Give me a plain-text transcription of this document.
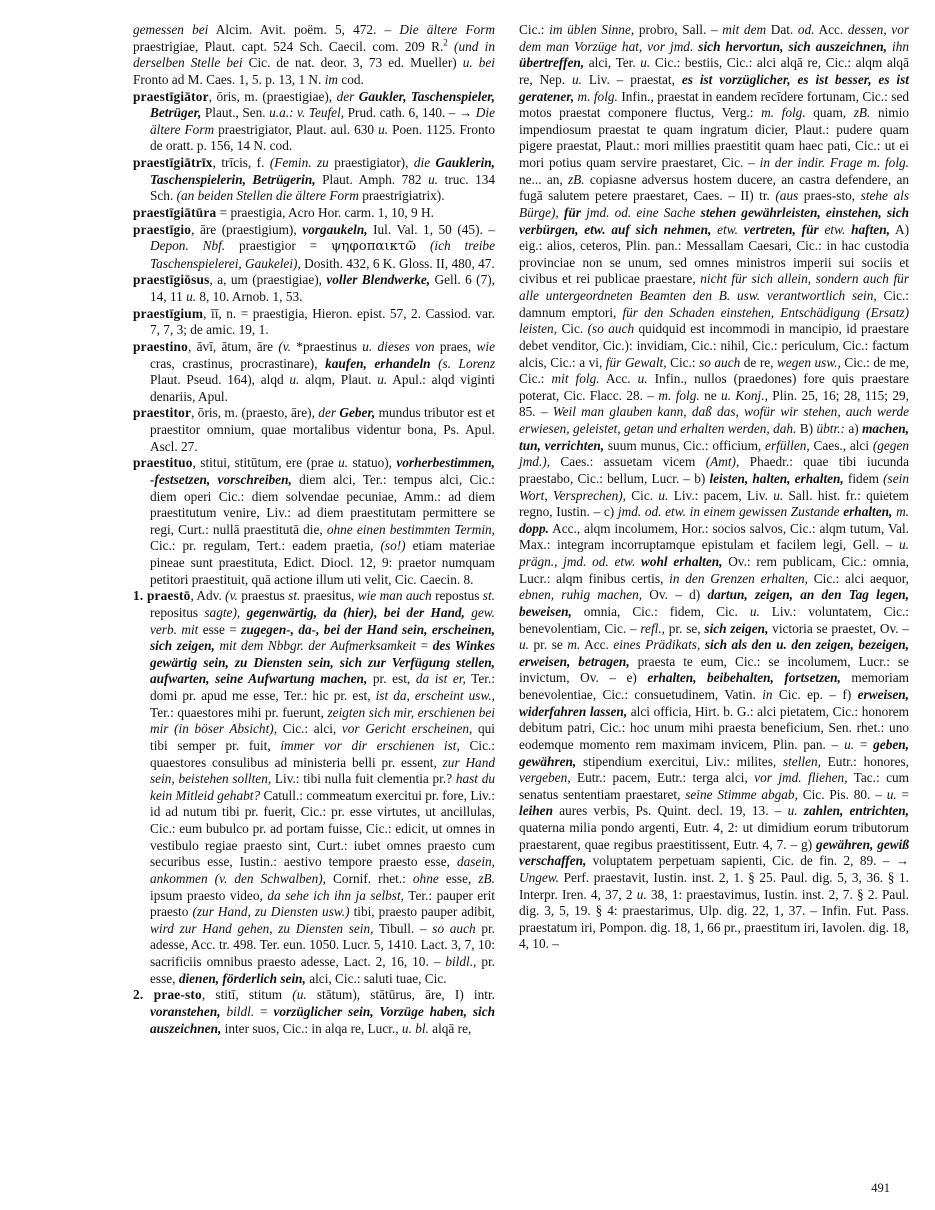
gemessen bei Alcim. Avit. poëm. 5, 472. – Die ältere Form praestrigiae, Plaut. capt. 524 Sch. Caecil. com. 209 R.$^2$ (und in derselben Stelle bei Cic. de nat. deor. 3, 73 ed. Mueller) u. bei Fronto ad M. Caes. 1, 5. p. 13, 1 N. im cod.

praestīgiātor, ōris, m. (praestigiae), der Gaukler, Taschenspieler, Betrüger, Plaut., Sen. u.a.: v. Teufel, Prud. cath. 6, 140. – → Die ältere Form praestrigiator, Plaut. aul. 630 u. Poen. 1125. Fronto de oratt. p. 156, 14 N. cod.

praestīgiātrīx, trīcis, f. (Femin. zu praestigiator), die Gauklerin, Taschenspielerin, Betrügerin, Plaut. Amph. 782 u. truc. 134 Sch. (an beiden Stellen die ältere Form praestrigiatrix).

praestīgiātūra = praestigia, Acro Hor. carm. 1, 10, 9 H.

praestīgio, āre (praestigium), vorgaukeln, Iul. Val. 1, 50 (45). – Depon. Nbf. praestigior = ψηφοπαικτῶ (ich treibe Taschenspielerei, Gaukelei), Dosith. 432, 6 K. Gloss. II, 480, 47.

praestīgiōsus, a, um (praestigiae), voller Blendwerke, Gell. 6 (7), 14, 11 u. 8, 10. Arnob. 1, 53.

praestīgium, īī, n. = praestigia, Hieron. epist. 57, 2. Cassiod. var. 7, 7, 3; de amic. 19, 1.

praestino, āvī, ātum, āre (v. *praestinus u. dieses von praes, wie cras, crastinus, procrastinare), kaufen, erhandeln (s. Lorenz Plaut. Pseud. 164), alqd u. alqm, Plaut. u. Apul.: alqd viginti denariis, Apul.

praestitor, ōris, m. (praesto, āre), der Geber, mundus tributor est et praestitor omnium, quae mortalibus videntur bona, Ps. Apul. Ascl. 27.

praestituo, stitui, stitūtum, ere (prae u. statuo), vorherbestimmen, -festsetzen, vorschreiben, diem alci, Ter.: tempus alci, Cic.: diem operi Cic.: diem solvendae pecuniae, Amm.: ad diem praestitutum venire, Liv.: ad diem praestitutam permittere se regi, Curt.: nullā praestitutā die, ohne einen bestimmten Termin, Cic.: pr. regulam, Tert.: eadem praetia, (so!) etiam materiae pineae sunt praestituta, Edict. Diocl. 12, 9: praetor numquam petitori praestituit, quā actione illum uti velit, Cic. Caecin. 8.

1. praestō, Adv. (v. praestus st. praesitus, wie man auch repostus st. repositus sagte), gegenwärtig, da (hier), bei der Hand, gew. verb. mit esse = zugegen-, da-, bei der Hand sein, erscheinen, sich zeigen, mit dem Nbbgr. der Aufmerksamkeit = des Winkes gewärtig sein, zu Diensten sein, sich zur Verfügung stellen, aufwarten, seine Aufwartung machen, pr. est, da ist er, Ter.: domi pr. apud me esse, Ter.: hic pr. est, ist da, erscheint usw., Ter.: quaestores mihi pr. fuerunt, zeigten sich mir, erschienen bei mir (in böser Absicht), Cic.: alci, vor Gericht erscheinen, qui tibi semper pr. fuit, immer vor dir erschienen ist, Cic.: quaestores consulibus ad ministeria belli pr. essent, zur Hand sein, beistehen sollten, Liv.: tibi nulla fuit clementia pr.? hast du kein Mitleid gehabt? Catull.: commeatum exercitui pr. fore, Liv.: id ad nutum tibi pr. fuerit, Cic.: pr. esse virtutes, ut ancillulas, Cic.: eum bubulco pr. ad portam fuisse, Cic.: edicit, ut omnes in vestibulo regiae praesto sint, Curt.: iubet omnes praesto cum securibus esse, Iustin.: aestivo tempore praesto esse, dasein, ankommen (v. den Schwalben), Cornif. rhet.: ohne esse, zB. ipsum praesto video, da sehe ich ihn ja selbst, Ter.: pauper erit praesto (zur Hand, zu Diensten usw.) tibi, praesto pauper adibit, wird zur Hand gehen, zu Diensten sein, Tibull. – so auch pr. adesse, Acc. tr. 498. Ter. eun. 1050. Lucr. 5, 1410. Lact. 3, 7, 10: sacrificiis omnibus praesto adesse, Lact. 2, 16, 10. – bildl., pr. esse, dienen, förderlich sein, alci, Cic.: saluti tuae, Cic.

2. prae-sto, stitī, stitum (u. stātum), stātūrus, āre, I) intr. voranstehen, bildl. = vorzüglicher sein, Vorzüge haben, sich auszeichnen, inter suos, Cic.: in alqa re, Lucr., u. bl. alqā re,

Cic.: im üblen Sinne, probro, Sall. – mit dem Dat. od. Acc. dessen, vor dem man Vorzüge hat, vor jmd. sich hervortun, sich auszeichnen, ihn übertreffen, alci, Ter. u. Cic.: bestiis, Cic.: alci alqā re, Cic.: alqm alqā re, Nep. u. Liv. – praestat, es ist vorzüglicher, es ist besser, es ist geratener, m. folg. Infin., praestat in eandem recīdere fortunam, Cic.: sed motos praestat componere fluctus, Verg.: m. folg. quam, zB. nimio impendiosum praestat te quam ingratum dicier, Plaut.: pudere quam pigere praestat, Plaut.: mori millies praestitit quam haec pati, Cic.: ut ei mori potius quam servire praestaret, Cic. – in der indir. Frage m. folg. ne... an, zB. copiasne adversus hostem ducere, an castra defendere, an fugā salutem petere praestaret, Caes. – II) tr. (aus praes-sto, stehe als Bürge), für jmd. od. eine Sache stehen gewährleisten, einstehen, sich verbürgen, etw. auf sich nehmen, etw. vertreten, für etw. haften, A) eig.: alios, ceteros, Plin. pan.: Messallam Caesari, Cic.: in hac custodia provinciae non se unum, sed omnes ministros imperii sui sociis et civibus et rei publicae praestare, nicht für sich allein, sondern auch für alle untergeordneten Beamten den B. usw. verantwortlich sein, Cic.: damnum emptori, für den Schaden einstehen, Entschädigung (Ersatz) leisten, Cic. (so auch quidquid est incommodi in mancipio, id praestare debet venditor, Cic.): invidiam, Cic.: nihil, Cic.: periculum, Cic.: factum alcis, Cic.: a vi, für Gewalt, Cic.: so auch de re, wegen usw., Cic.: de me, Cic.: mit folg. Acc. u. Infin., nullos (praedones) fore quis praestare poterat, Cic. Flacc. 28. – m. folg. ne u. Konj., Plin. 25, 16; 28, 115; 29, 85. – Weil man glauben kann, daß das, wofür wir stehen, auch werde erwiesen, geleistet, getan und erhalten werden, dah. B) übtr.: a) machen, tun, verrichten, suum munus, Cic.: officium, erfüllen, Caes., alci (gegen jmd.), Caes.: assuetam vicem (Amt), Phaedr.: quae tibi iucunda praestabo, Cic.: bellum, Lucr. – b) leisten, halten, erhalten, fidem (sein Wort, Versprechen), Cic. u. Liv.: pacem, Liv. u. Sall. hist. fr.: quietem regno, Iustin. – c) jmd. od. etw. in einem gewissen Zustande erhalten, m. dopp. Acc., alqm incolumem, Hor.: socios salvos, Cic.: alqm tutum, Val. Max.: integram incorruptamque epistulam et facilem legi, Gell. – u. prägn., jmd. od. etw. wohl erhalten, Ov.: rem publicam, Cic.: omnia, Lucr.: alqm finibus certis, in den Grenzen erhalten, Cic.: alci aequor, ebnen, ruhig machen, Ov. – d) dartun, zeigen, an den Tag legen, beweisen, omnia, Cic.: fidem, Cic. u. Liv.: voluntatem, Cic.: benevolentiam, Cic. – refl., pr. se, sich zeigen, victoria se praestet, Ov. – u. pr. se m. Acc. eines Prädikats, sich als den u. den zeigen, bezeigen, erweisen, betragen, praesta te eum, Cic.: se incolumem, Lucr.: se invictum, Ov. – e) erhalten, beibehalten, fortsetzen, memoriam benevolentiae, Cic.: consuetudinem, Vatin. in Cic. ep. – f) erweisen, widerfahren lassen, alci officia, Hirt. b. G.: alci pietatem, Cic.: honorem debitum patri, Cic.: hoc unum mihi praesta beneficium, Sen. rhet.: uno eodemque momento rem maximam invicem, Plin. pan. – u. = geben, gewähren, stipendium exercitui, Liv.: milites, stellen, Eutr.: honores, vergeben, Eutr.: pacem, Eutr.: terga alci, vor jmd. fliehen, Tac.: cum senatus sententiam praestaret, seine Stimme abgab, Cic. Pis. 80. – u. = leihen aures verbis, Ps. Quint. decl. 19, 13. – u. zahlen, entrichten, quaterna milia pondo argenti, Eutr. 4, 2: ut dimidium eorum tributorum praestarent, quae regibus praestitissent, Eutr. 4, 7. – g) gewähren, gewiß verschaffen, voluptatem perpetuam sapienti, Cic. de fin. 2, 89. – → Ungew. Perf. praestavit, Iustin. inst. 2, 1. § 25. Paul. dig. 5, 3, 36. § 1. Interpr. Iren. 4, 37, 2 u. 38, 1: praestavimus, Iustin. inst. 2, 7. § 2. Paul. dig. 3, 5, 19. § 4: praestarimus, Ulp. dig. 22, 1, 37. – Infin. Fut. Pass. praestatum iri, Pompon. dig. 18, 1, 66 pr., praestitum iri, Iavolen. dig. 18, 4, 10. –

491
